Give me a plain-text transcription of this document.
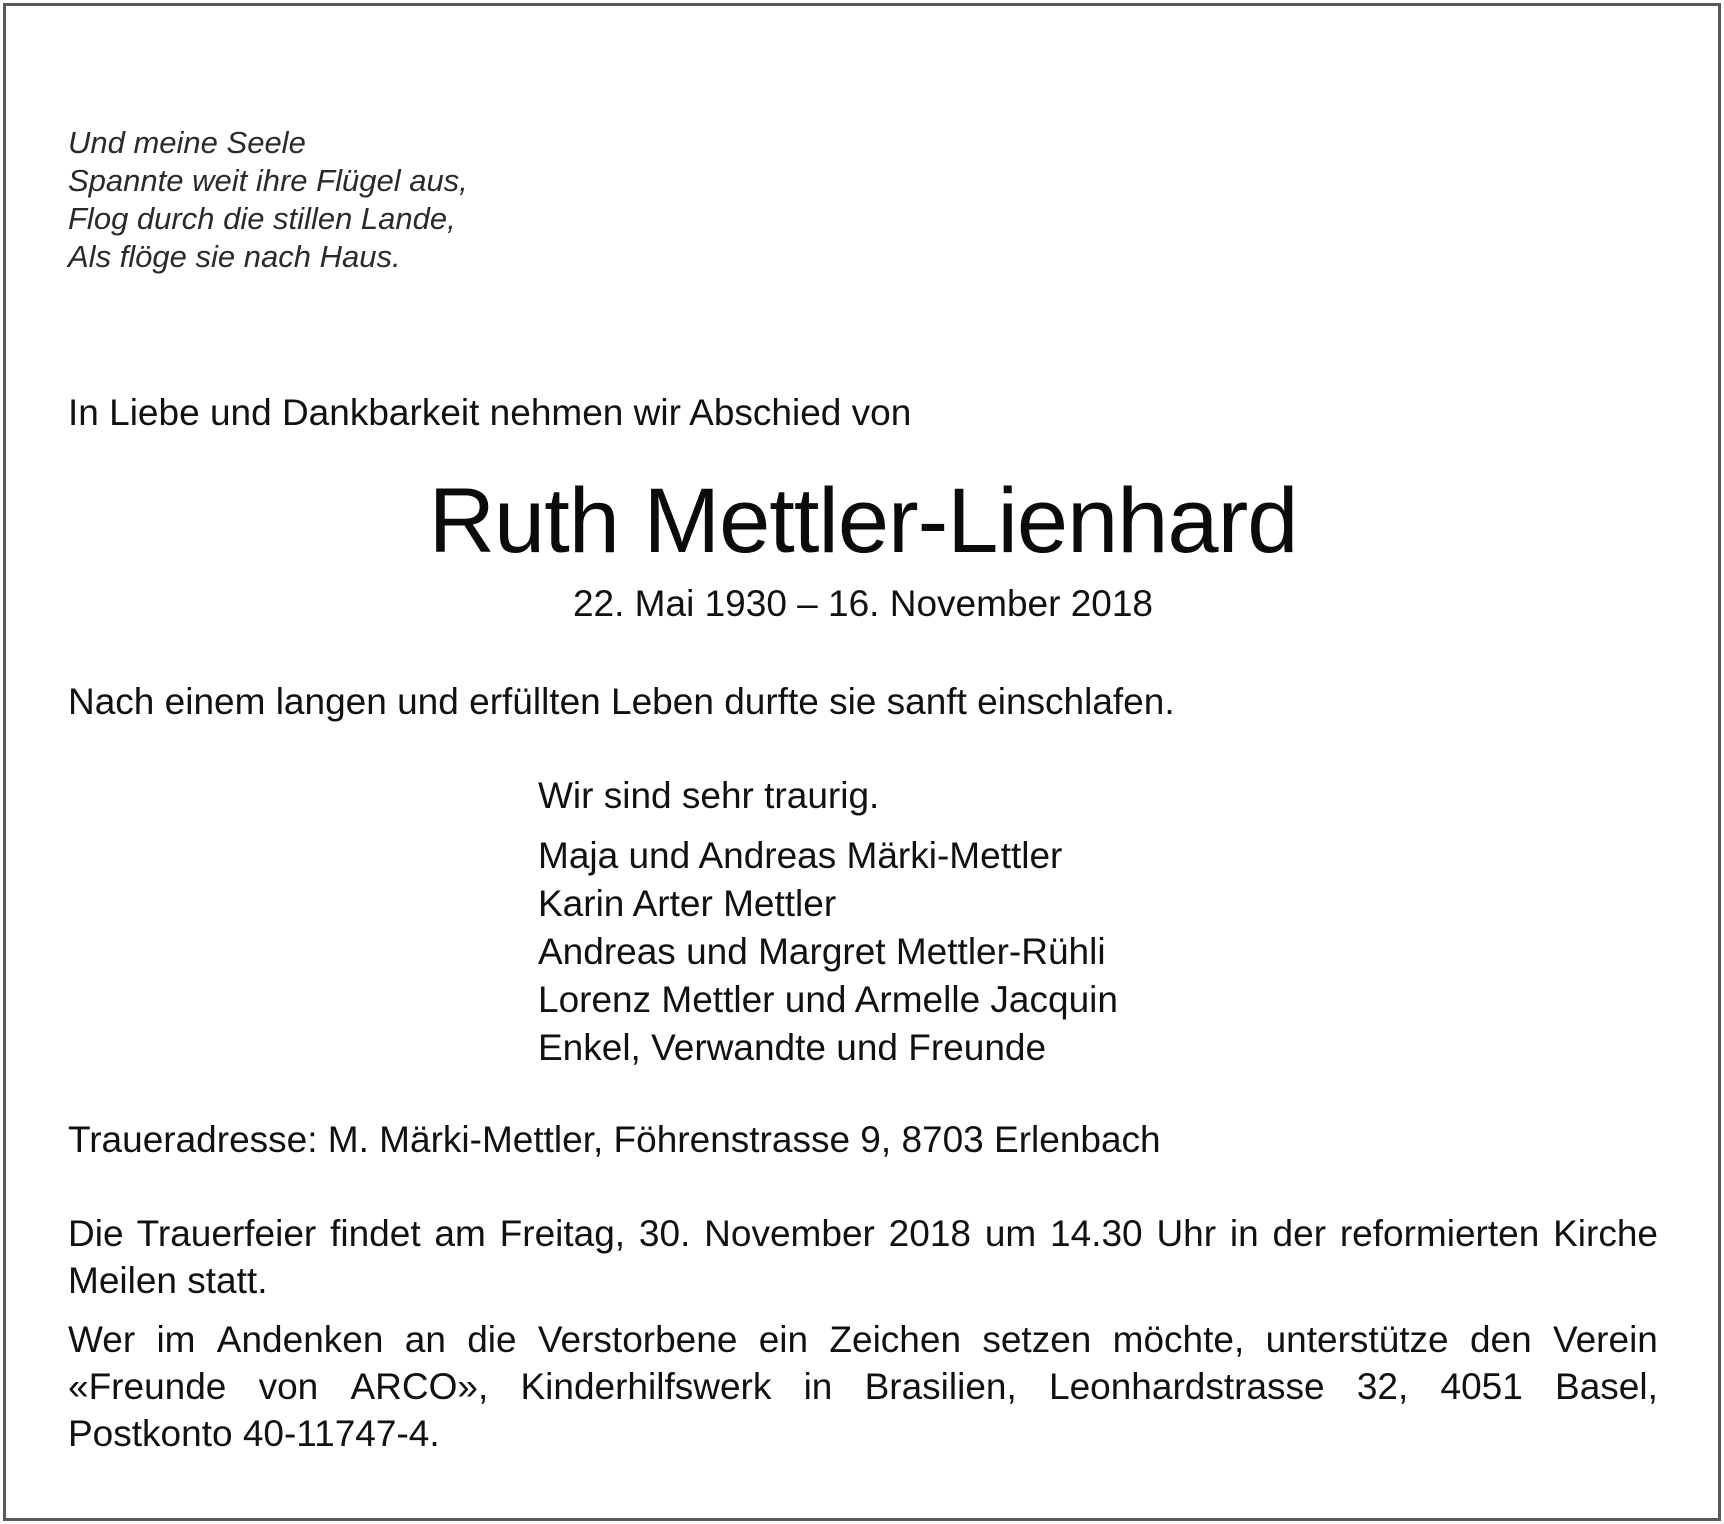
Und meine Seele
Spannte weit ihre Flügel aus,
Flog durch die stillen Lande,
Als flöge sie nach Haus.
In Liebe und Dankbarkeit nehmen wir Abschied von
Ruth Mettler-Lienhard
22. Mai 1930 – 16. November 2018
Nach einem langen und erfüllten Leben durfte sie sanft einschlafen.
Wir sind sehr traurig.
Maja und Andreas Märki-Mettler
Karin Arter Mettler
Andreas und Margret Mettler-Rühli
Lorenz Mettler und Armelle Jacquin
Enkel, Verwandte und Freunde
Traueradresse: M. Märki-Mettler, Föhrenstrasse 9, 8703 Erlenbach
Die Trauerfeier findet am Freitag, 30. November 2018 um 14.30 Uhr in der reformierten Kirche Meilen statt.
Wer im Andenken an die Verstorbene ein Zeichen setzen möchte, unterstütze den Verein
«Freunde von ARCO», Kinderhilfswerk in Brasilien, Leonhardstrasse 32, 4051 Basel,
Postkonto 40-11747-4.
